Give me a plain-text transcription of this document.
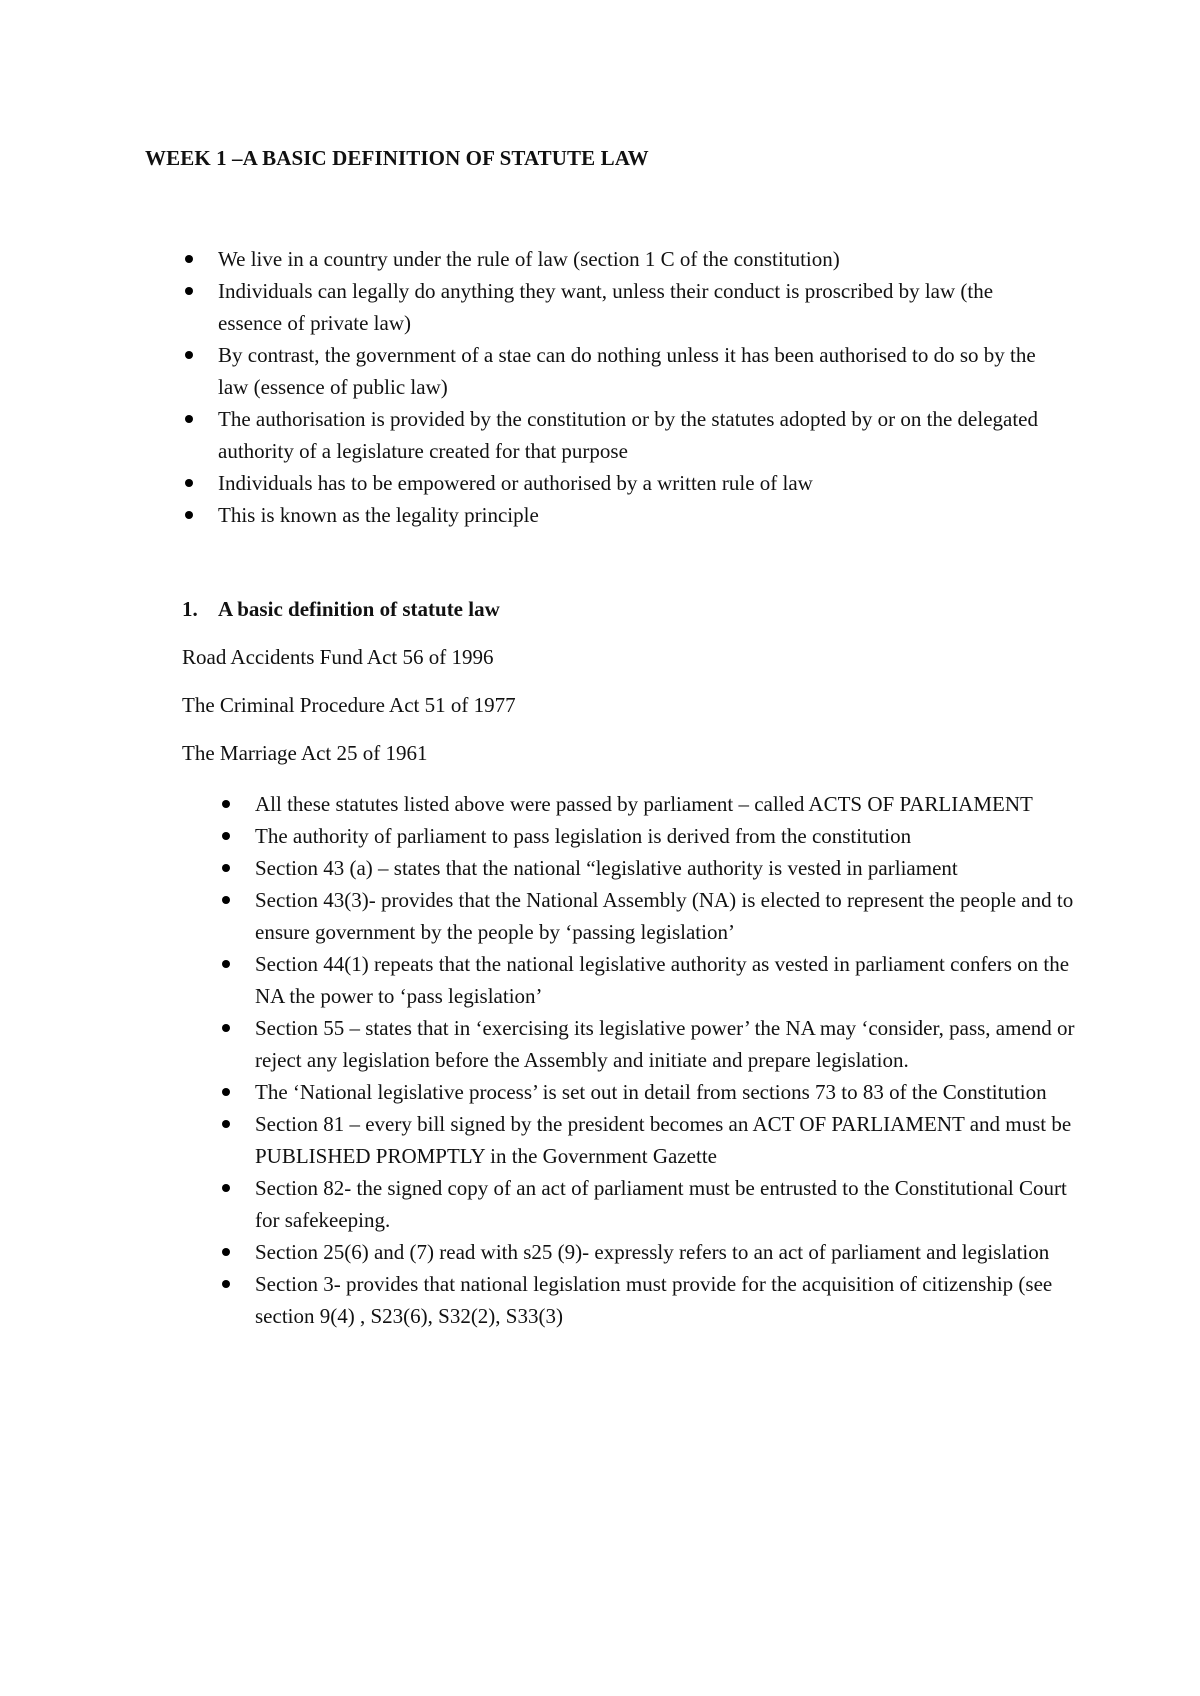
WEEK 1 –A BASIC DEFINITION OF STATUTE LAW
We live in a country under the rule of law (section 1 C of the constitution)
Individuals can legally do anything they want, unless their conduct is proscribed by law (the essence of private law)
By contrast, the government of a stae can do nothing unless it has been authorised to do so by the law (essence of public law)
The authorisation is provided by the constitution or by the statutes adopted by or on the delegated authority of a legislature created for that purpose
Individuals has to be empowered or authorised by a written rule of law
This is known as the legality principle
1. A basic definition of statute law

Road Accidents Fund Act 56 of 1996

The Criminal Procedure Act 51 of 1977

The Marriage Act 25 of 1961

All these statutes listed above were passed by parliament – called ACTS OF PARLIAMENT
The authority of parliament to pass legislation is derived from the constitution
Section 43 (a) – states that the national “legislative authority is vested in parliament
Section 43(3)- provides that the National Assembly (NA) is elected to represent the people and to ensure government by the people by ‘passing legislation’
Section 44(1) repeats that the national legislative authority as vested in parliament confers on the NA the power to ‘pass legislation’
Section 55 – states that in ‘exercising its legislative power’ the NA may ‘consider, pass, amend or reject any legislation before the Assembly and initiate and prepare legislation.
The ‘National legislative process’ is set out in detail from sections 73 to 83 of the Constitution
Section 81 – every bill signed by the president becomes an ACT OF PARLIAMENT and must be PUBLISHED PROMPTLY in the Government Gazette
Section 82- the signed copy of an act of parliament must be entrusted to the Constitutional Court for safekeeping.
Section 25(6) and (7) read with s25 (9)- expressly refers to an act of parliament and legislation
Section 3- provides that national legislation must provide for the acquisition of citizenship (see section 9(4) , S23(6), S32(2), S33(3)
